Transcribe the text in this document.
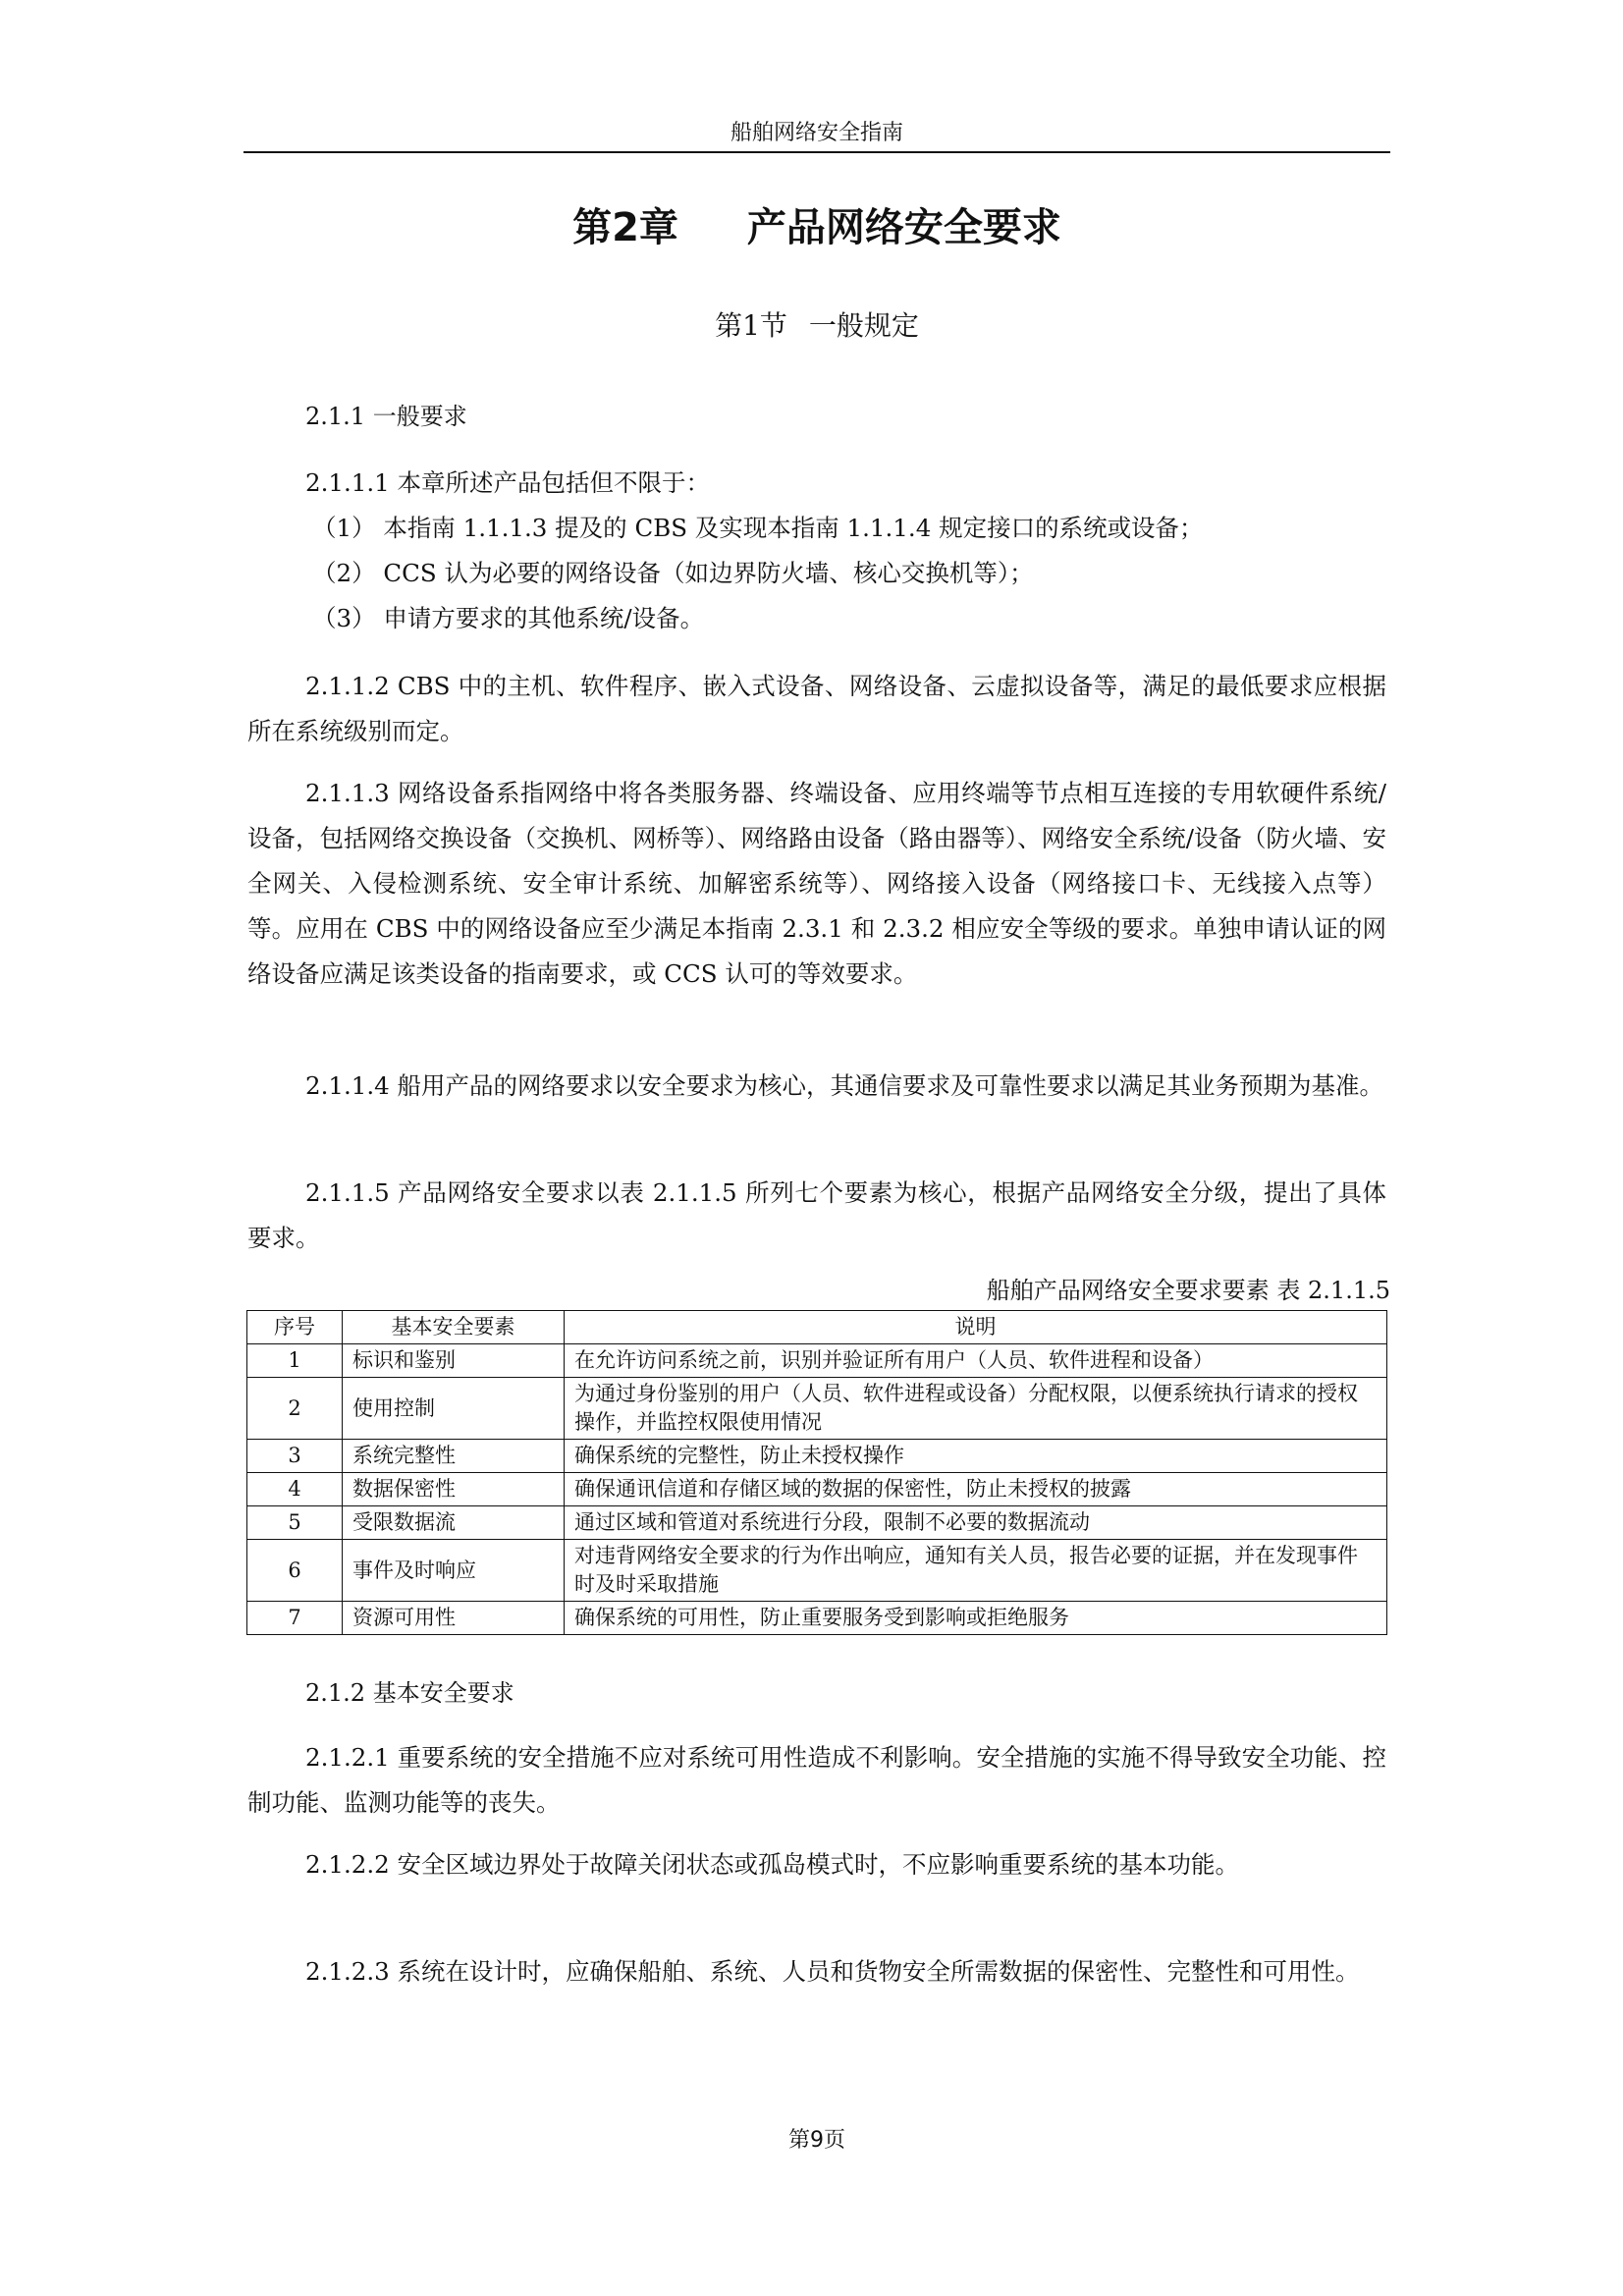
船舶网络安全指南
第2章 产品网络安全要求
第1节 一般规定
2.1.1 一般要求
2.1.1.1 本章所述产品包括但不限于：
（1） 本指南 1.1.1.3 提及的 CBS 及实现本指南 1.1.1.4 规定接口的系统或设备；
（2） CCS 认为必要的网络设备（如边界防火墙、核心交换机等）；
（3） 申请方要求的其他系统/设备。
2.1.1.2 CBS 中的主机、软件程序、嵌入式设备、网络设备、云虚拟设备等，满足的最低要求应根据所在系统级别而定。
2.1.1.3 网络设备系指网络中将各类服务器、终端设备、应用终端等节点相互连接的专用软硬件系统/设备，包括网络交换设备（交换机、网桥等）、网络路由设备（路由器等）、网络安全系统/设备（防火墙、安全网关、入侵检测系统、安全审计系统、加解密系统等）、网络接入设备（网络接口卡、无线接入点等）等。应用在 CBS 中的网络设备应至少满足本指南 2.3.1 和 2.3.2 相应安全等级的要求。单独申请认证的网络设备应满足该类设备的指南要求，或 CCS 认可的等效要求。
2.1.1.4 船用产品的网络要求以安全要求为核心，其通信要求及可靠性要求以满足其业务预期为基准。
2.1.1.5 产品网络安全要求以表 2.1.1.5 所列七个要素为核心，根据产品网络安全分级，提出了具体要求。
船舶产品网络安全要求要素 表 2.1.1.5
序号	基本安全要素	说明
1	标识和鉴别	在允许访问系统之前，识别并验证所有用户（人员、软件进程和设备）
2	使用控制	为通过身份鉴别的用户（人员、软件进程或设备）分配权限，以便系统执行请求的授权操作，并监控权限使用情况
3	系统完整性	确保系统的完整性，防止未授权操作
4	数据保密性	确保通讯信道和存储区域的数据的保密性，防止未授权的披露
5	受限数据流	通过区域和管道对系统进行分段，限制不必要的数据流动
6	事件及时响应	对违背网络安全要求的行为作出响应，通知有关人员，报告必要的证据，并在发现事件时及时采取措施
7	资源可用性	确保系统的可用性，防止重要服务受到影响或拒绝服务
2.1.2 基本安全要求
2.1.2.1 重要系统的安全措施不应对系统可用性造成不利影响。安全措施的实施不得导致安全功能、控制功能、监测功能等的丧失。
2.1.2.2 安全区域边界处于故障关闭状态或孤岛模式时，不应影响重要系统的基本功能。
2.1.2.3 系统在设计时，应确保船舶、系统、人员和货物安全所需数据的保密性、完整性和可用性。
第9页
